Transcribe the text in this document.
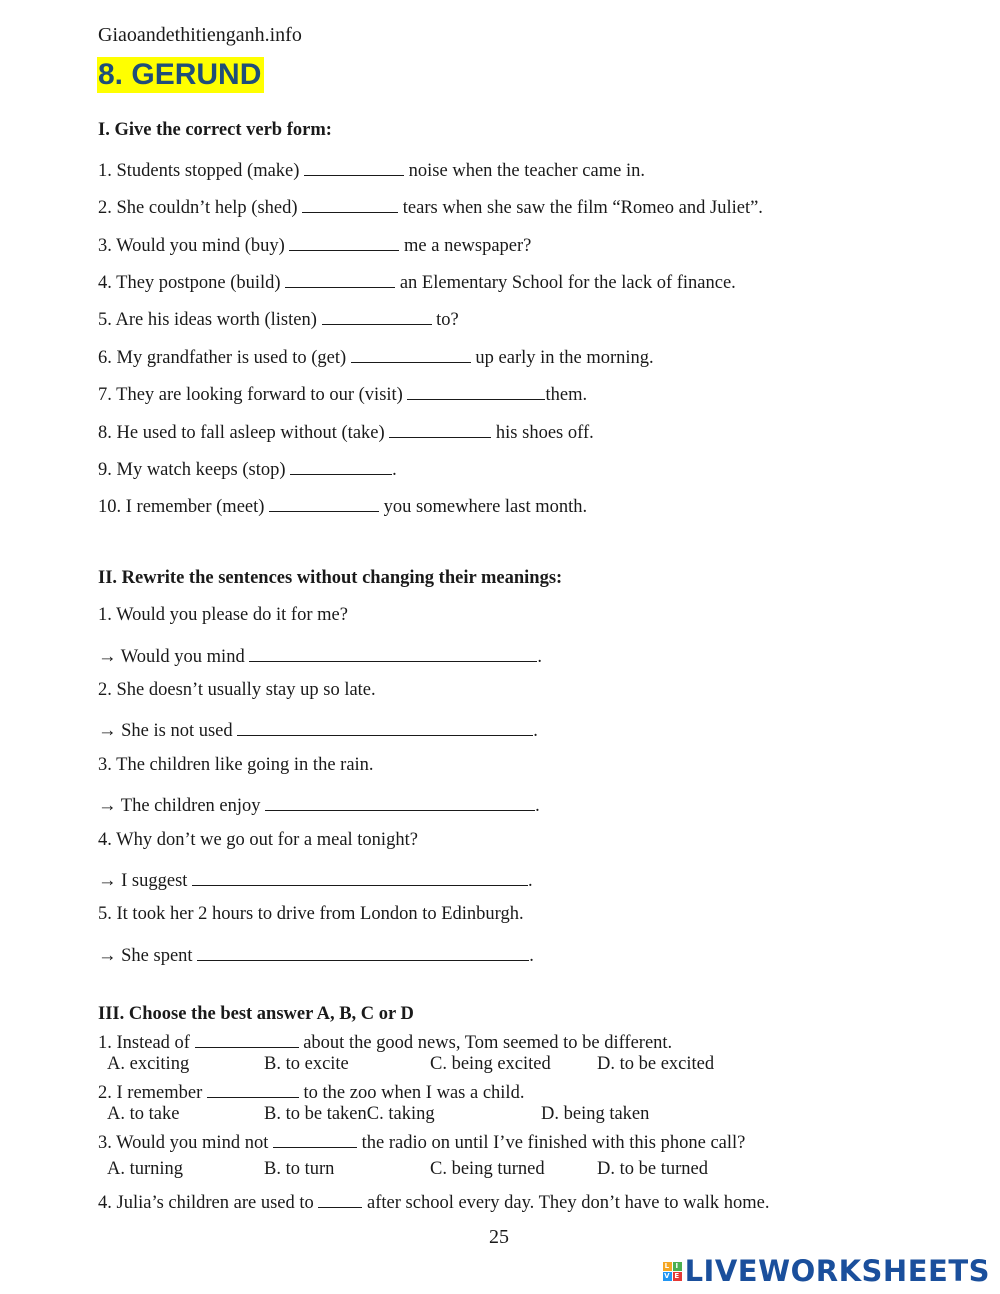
Giaoandethitienganh.info
8. GERUND
I. Give the correct verb form:
1. Students stopped (make)	noise when the teacher came in.
2. She couldn’t help (shed)	tears when she saw the film “Romeo and Juliet”.
3. Would you mind (buy)	me a newspaper?
4. They postpone (build)	an Elementary School for the lack of finance.
5. Are his ideas worth (listen)	to?
6. My grandfather is used to (get)	up early in the morning.
7. They are looking forward to our (visit)	them.
8. He used to fall asleep without (take)	his shoes off.
9. My watch keeps (stop)	.
10. I remember (meet)	you somewhere last month.
II. Rewrite the sentences without changing their meanings:
1. Would you please do it for me?
→ Would you mind	.
2. She doesn’t usually stay up so late.
→ She is not used	.
3. The children like going in the rain.
→ The children enjoy	.
4. Why don’t we go out for a meal tonight?
→ I suggest	.
5. It took her 2 hours to drive from London to Edinburgh.
→ She spent	.
III. Choose the best answer A, B, C or D
1. Instead of	about the good news, Tom seemed to be different.
A. exciting	B. to excite	C. being excited	D. to be excited
2. I remember	to the zoo when I was a child.
A. to take	B. to be takenC. taking	D. being taken
3. Would you mind not	the radio on until I’ve finished with this phone call?
A. turning	B. to turn	C. being turned	D. to be turned
4. Julia’s children are used to  after school every day. They don’t have to walk home.
25
L I
V E LIVEWORKSHEETS
